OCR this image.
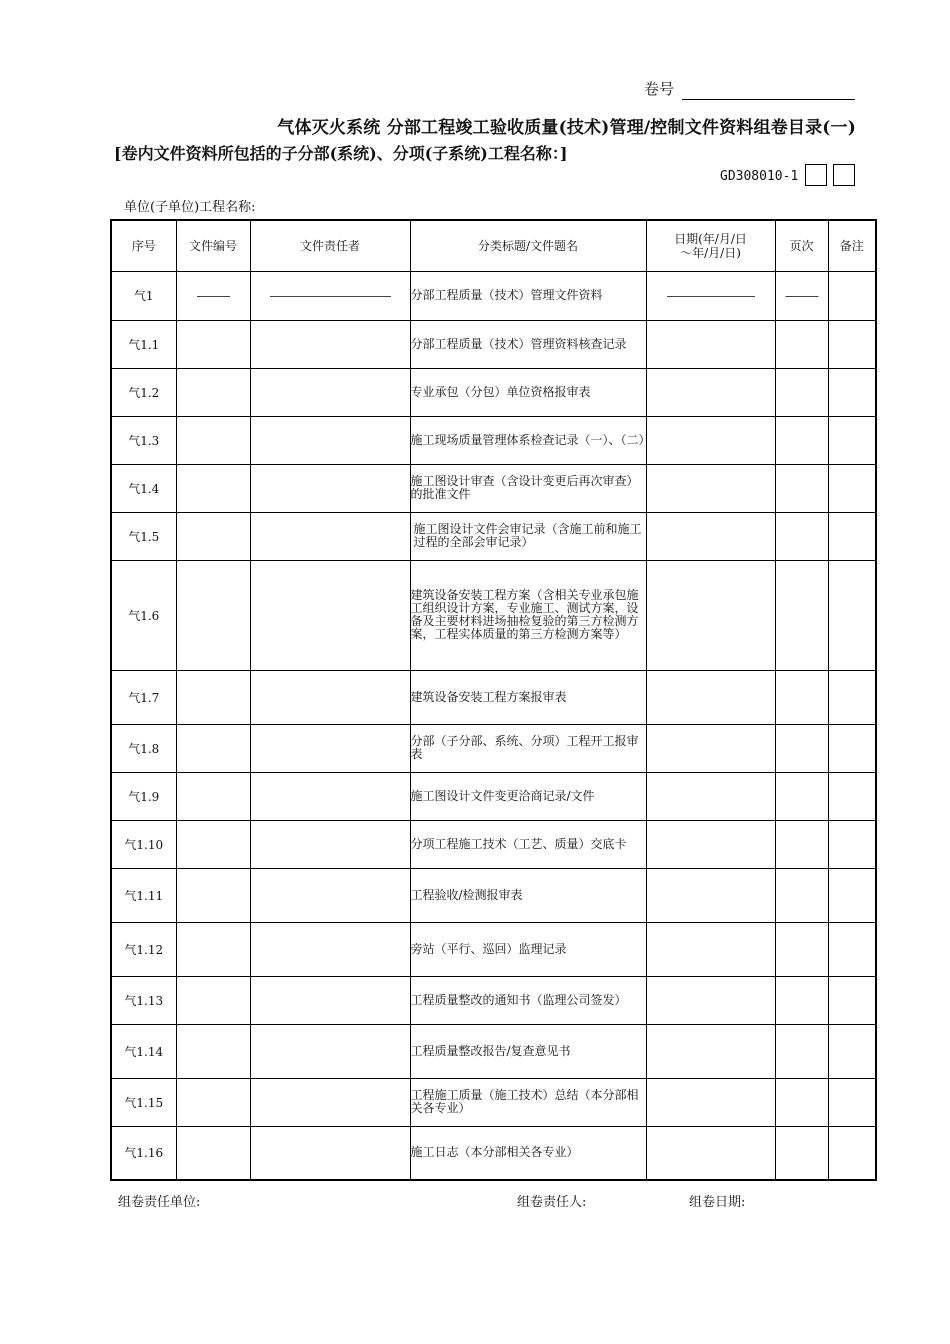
卷号
气体灭火系统 分部工程竣工验收质量(技术)管理/控制文件资料组卷目录(一)
[卷内文件资料所包括的子分部(系统)、分项(子系统)工程名称：]
GD308010-1
单位(子单位)工程名称:
序号	文件编号	文件责任者	分类标题/文件题名	日期(年/月/日
～年/月/日)	页次	备注
气1	———	———————————	分部工程质量（技术）管理文件资料	————————	———	
气1.1			分部工程质量（技术）管理资料核查记录			
气1.2			专业承包（分包）单位资格报审表			
气1.3			施工现场质量管理体系检查记录（一）、（二）			
气1.4			施工图设计审查（含设计变更后再次审查）的批准文件			
气1.5			施工图设计文件会审记录（含施工前和施工过程的全部会审记录）			
气1.6			建筑设备安装工程方案（含相关专业承包施工组织设计方案，专业施工、测试方案，设备及主要材料进场抽检复验的第三方检测方案，工程实体质量的第三方检测方案等）			
气1.7			建筑设备安装工程方案报审表			
气1.8			分部（子分部、系统、分项）工程开工报审表			
气1.9			施工图设计文件变更洽商记录/文件			
气1.10			分项工程施工技术（工艺、质量）交底卡			
气1.11			工程验收/检测报审表			
气1.12			旁站（平行、巡回）监理记录			
气1.13			工程质量整改的通知书（监理公司签发）			
气1.14			工程质量整改报告/复查意见书			
气1.15			工程施工质量（施工技术）总结（本分部相关各专业）			
气1.16			施工日志（本分部相关各专业）			
组卷责任单位:	组卷责任人:	组卷日期:
